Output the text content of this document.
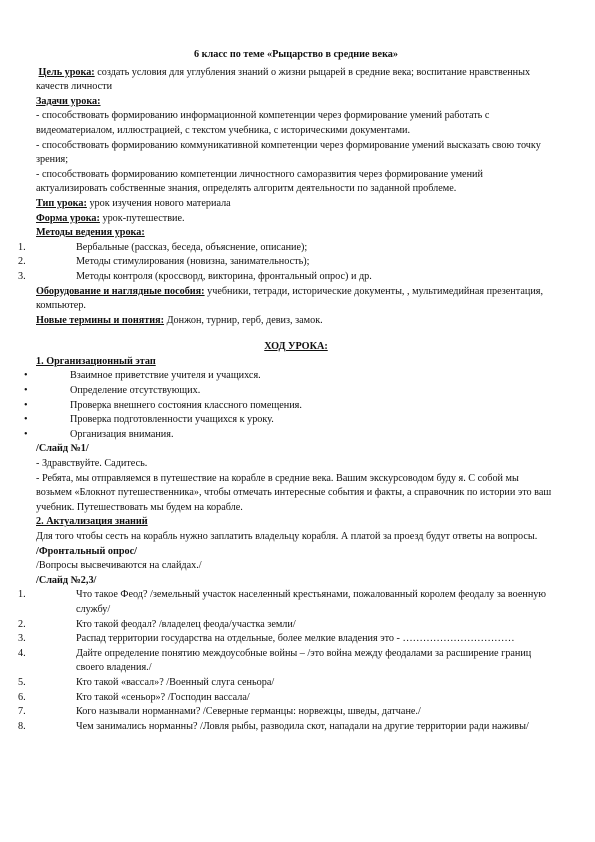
6 класс по теме «Рыцарство в средние века»

Цель урока: создать условия для углубления знаний о жизни рыцарей в средние века; воспитание нравственных качеств личности

Задачи урока:

- способствовать формированию информационной компетенции через формирование умений работать с видеоматериалом, иллюстрацией, с текстом учебника, с историческими документами.

- способствовать формированию коммуникативной компетенции через формирование умений высказать свою точку зрения;

- способствовать формированию компетенции личностного саморазвития через формирование умений актуализировать собственные знания, определять алгоритм деятельности по заданной проблеме.

Тип урока: урок изучения нового материала

Форма урока: урок-путешествие.

Методы ведения урока:

1.	Вербальные (рассказ, беседа, объяснение, описание);

2.	Методы стимулирования (новизна, занимательность);

3.	Методы контроля (кроссворд, викторина, фронтальный опрос) и др.

Оборудование и наглядные пособия: учебники, тетради, исторические документы, , мультимедийная презентация, компьютер.

Новые термины и понятия: Донжон, турнир, герб, девиз, замок.

ХОД УРОКА:

1. Организационный этап

•	Взаимное приветствие учителя и учащихся.

•	Определение отсутствующих.

•	Проверка внешнего состояния классного помещения.

•	Проверка подготовленности учащихся к уроку.

•	Организация внимания.

/Слайд №1/

- Здравствуйте. Садитесь.

- Ребята, мы отправляемся в путешествие на корабле в средние века. Вашим экскурсоводом буду я. С собой мы возьмем «Блокнот путешественника», чтобы отмечать интересные события и факты, а справочник по истории это ваш учебник. Путешествовать мы будем на корабле.

2. Актуализация знаний

Для того чтобы сесть на корабль нужно заплатить владельцу корабля. А платой за проезд будут ответы на вопросы.

/Фронтальный опрос/

/Вопросы высвечиваются на слайдах./

/Слайд №2,3/

1.	Что такое Феод? /земельный участок населенный крестьянами, пожалованный королем феодалу за военную службу/

2.	Кто такой феодал? /владелец феода/участка земли/

3.	Распад территории государства на отдельные, более мелкие владения это - ……………………………

4.	Дайте определение понятию междоусобные войны – /это война между феодалами за расширение границ своего владения./

5.	Кто такой «вассал»? /Военный слуга сеньора/

6.	Кто такой «сеньор»? /Господин вассала/

7.	Кого называли норманнами? /Северные германцы: норвежцы, шведы, датчане./

8.	Чем занимались норманны? /Ловля рыбы, разводила скот, нападали на другие территории ради наживы/
